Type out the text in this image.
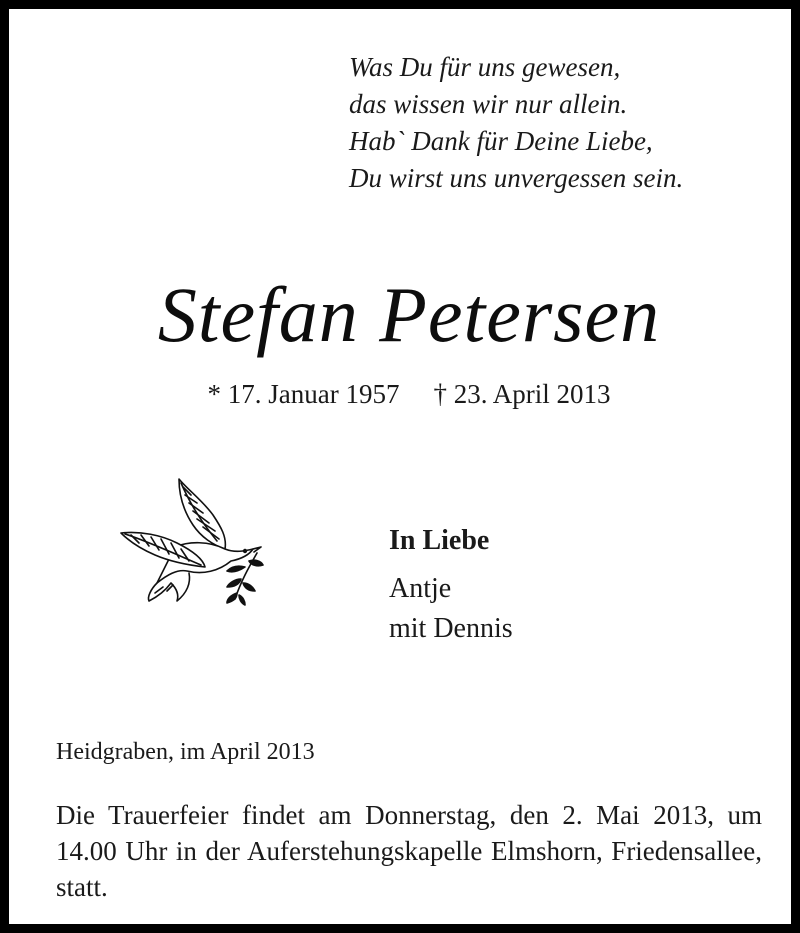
Was Du für uns gewesen,
das wissen wir nur allein.
Hab` Dank für Deine Liebe,
Du wirst uns unvergessen sein.
Stefan Petersen
* 17. Januar 1957 † 23. April 2013
In Liebe
Antje
mit Dennis
Heidgraben, im April 2013
Die Trauerfeier findet am Donnerstag, den 2. Mai 2013, um 14.00 Uhr in der Auferstehungskapelle Elmshorn, Friedensallee, statt.
